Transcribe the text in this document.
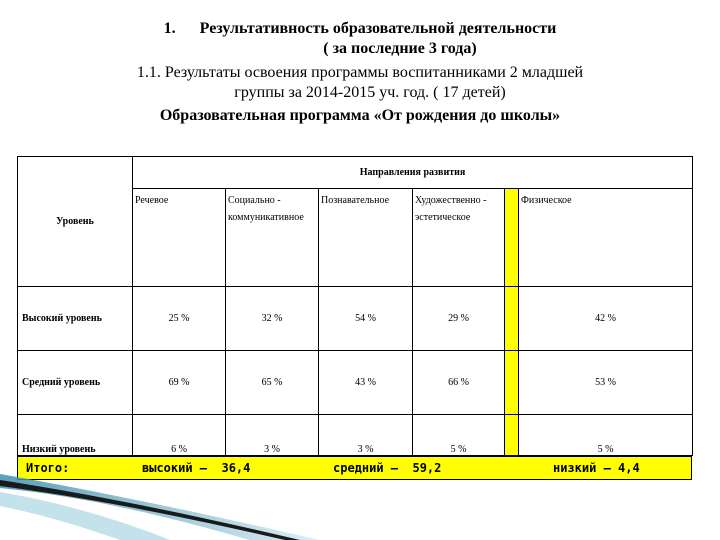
1. Результативность образовательной деятельности
( за последние 3 года)
1.1. Результаты освоения программы воспитанниками 2 младшей
группы за 2014-2015 уч. год. ( 17 детей)
Образовательная программа «От рождения до школы»
Уровень	Направления развития					
	Речевое	Социально - коммуникативное	Познавательное	Художественно - эстетическое		Физическое
Высокий уровень	25 %	32 %	54 %	29 %		42 %
Средний уровень	69 %	65 %	43 %	66 %		53 %
Низкий уровень	6 %	3 %	3 %	5 %		5 %
Итого:	высокий –  36,4	средний –  59,2	низкий – 4,4
